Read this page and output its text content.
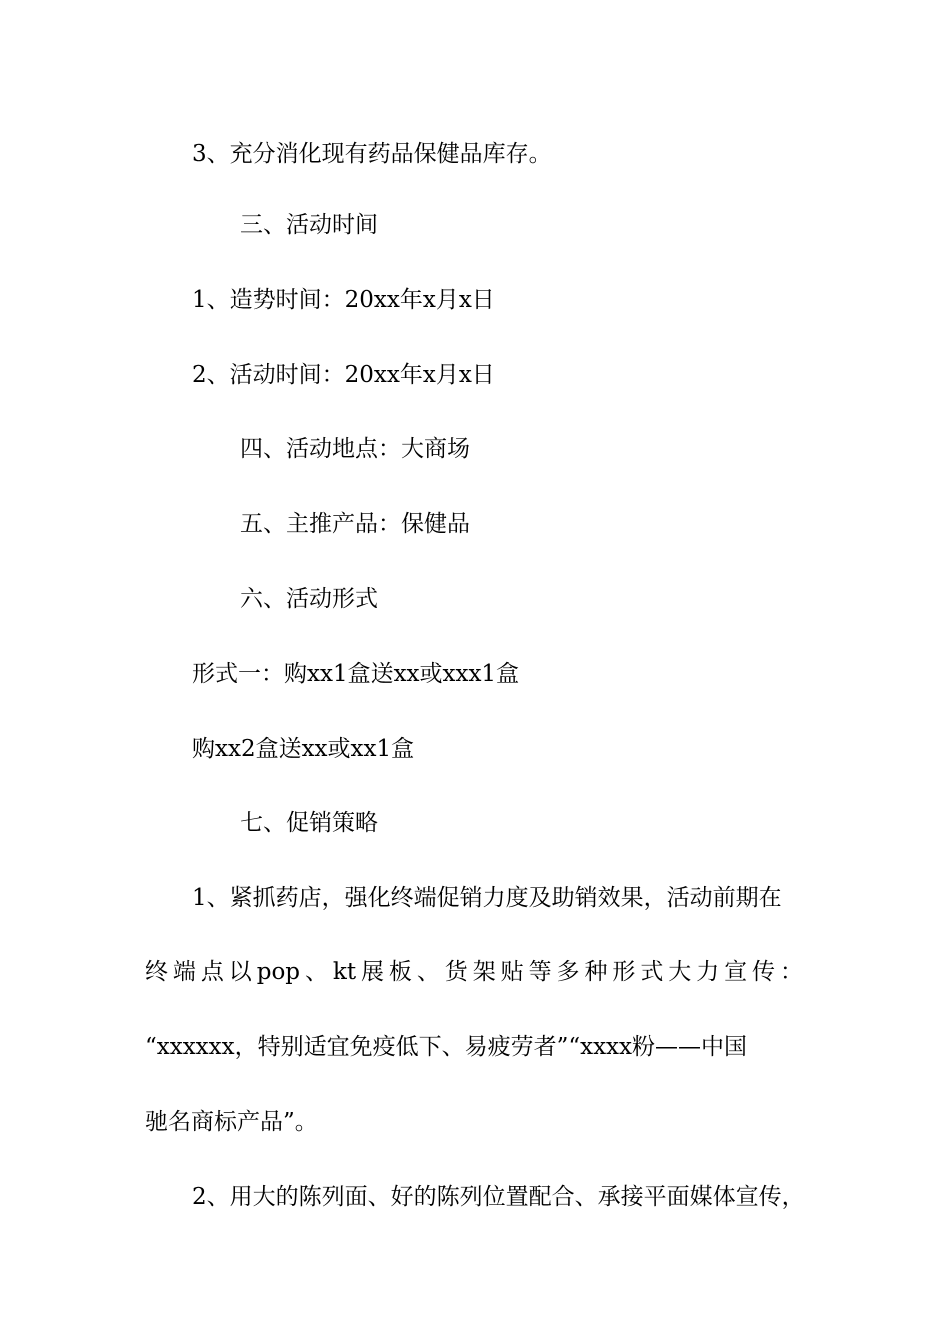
3、充分消化现有药品保健品库存。

三、活动时间

1、造势时间：20xx年x月x日

2、活动时间：20xx年x月x日

四、活动地点：大商场

五、主推产品：保健品

六、活动形式

形式一：购xx1盒送xx或xxx1盒

购xx2盒送xx或xx1盒

七、促销策略

1、紧抓药店，强化终端促销力度及助销效果，活动前期在

终端点以pop、kt展板、货架贴等多种形式大力宣传：

“xxxxxx，特别适宜免疫低下、易疲劳者”“xxxx粉——中国

驰名商标产品”。

2、用大的陈列面、好的陈列位置配合、承接平面媒体宣传，
